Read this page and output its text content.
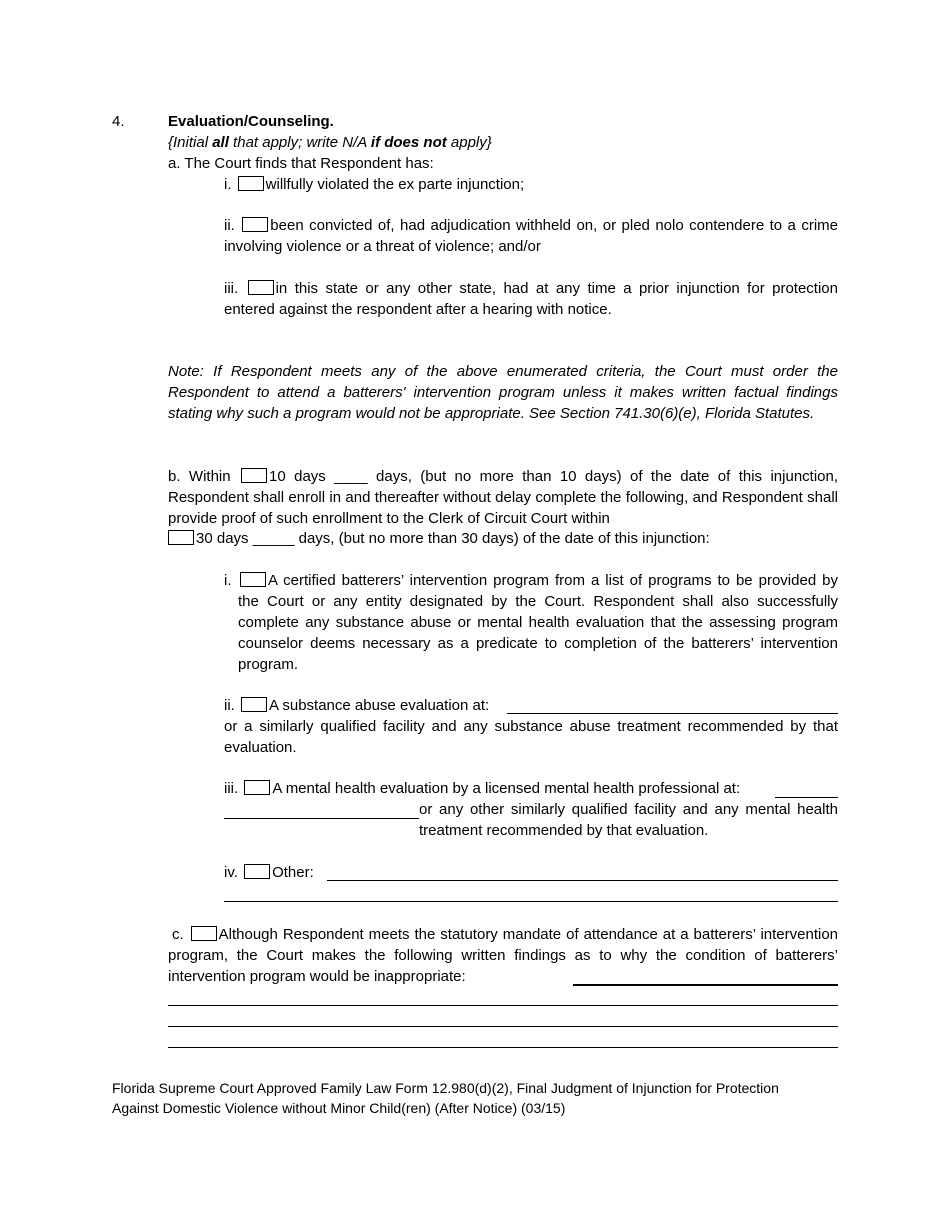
4.	Evaluation/Counseling.
{Initial all that apply; write N/A if does not apply}
a. The Court finds that Respondent has:
i. willfully violated the ex parte injunction;
ii. been convicted of, had adjudication withheld on, or pled nolo contendere to a crime involving violence or a threat of violence; and/or
iii. in this state or any other state, had at any time a prior injunction for protection entered against the respondent after a hearing with notice.
Note: If Respondent meets any of the above enumerated criteria, the Court must order the Respondent to attend a batterers' intervention program unless it makes written factual findings stating why such a program would not be appropriate. See Section 741.30(6)(e), Florida Statutes.
b. Within	10 days ____ days, (but no more than 10 days) of the date of this injunction, Respondent shall enroll in and thereafter without delay complete the following, and Respondent shall provide proof of such enrollment to the Clerk of Circuit Court within
30 days _____ days, (but no more than 30 days) of the date of this injunction:
i.	A certified batterers’ intervention program from a list of programs to be provided by the Court or any entity designated by the Court. Respondent shall also successfully complete any substance abuse or mental health evaluation that the assessing program counselor deems necessary as a predicate to completion of the batterers’ intervention program.
ii. A substance abuse evaluation at:
or a similarly qualified facility and any substance abuse treatment recommended by that evaluation.
iii. A mental health evaluation by a licensed mental health professional at:
or any other similarly qualified facility and any mental health treatment recommended by that evaluation.
iv. Other:
c. Although Respondent meets the statutory mandate of attendance at a batterers’ intervention program, the Court makes the following written findings as to why the condition of batterers’ intervention program would be inappropriate:
Florida Supreme Court Approved Family Law Form 12.980(d)(2), Final Judgment of Injunction for Protection
Against Domestic Violence without Minor Child(ren) (After Notice) (03/15)
